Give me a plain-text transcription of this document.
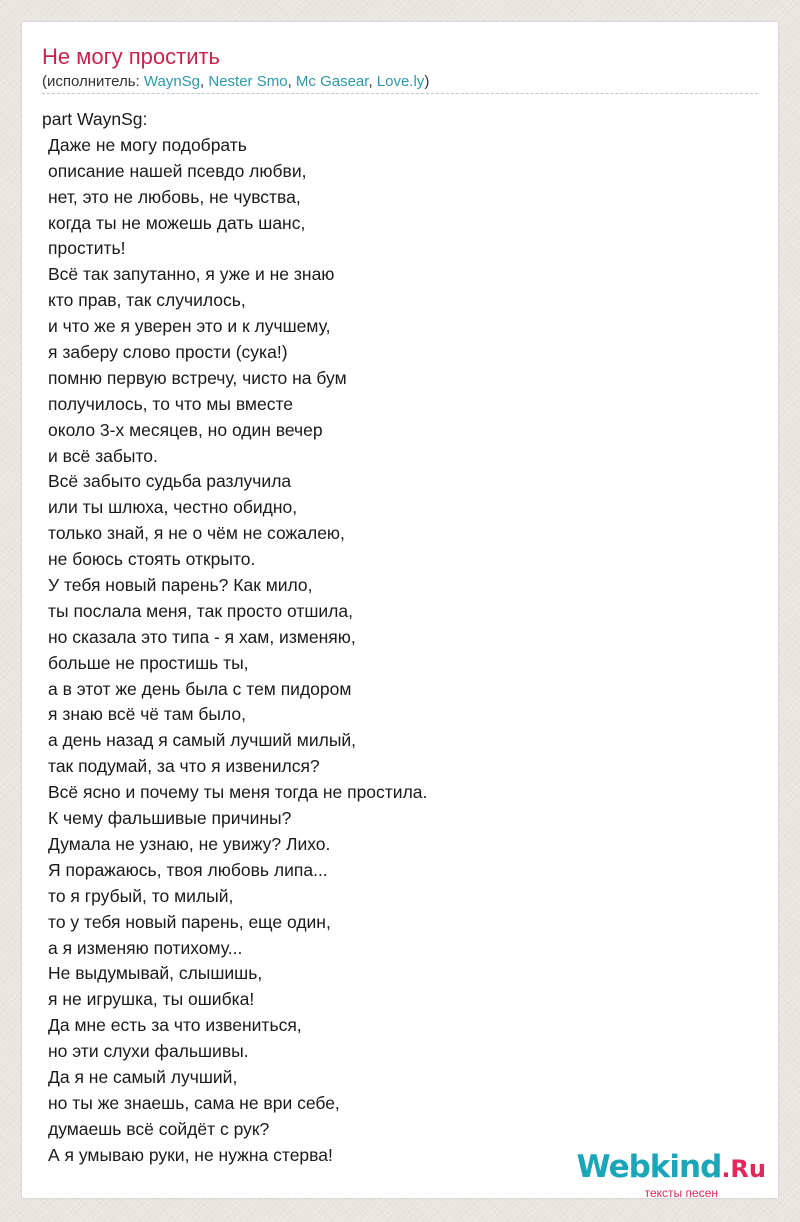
Не могу простить
(исполнитель: WaynSg, Nester Smo, Mc Gasear, Love.ly)
part WaynSg:
Даже не могу подобрать
описание нашей псевдо любви,
нет, это не любовь, не чувства,
когда ты не можешь дать шанс,
простить!
Всё так запутанно, я уже и не знаю
кто прав, так случилось,
и что же я уверен это и к лучшему,
я заберу слово прости (сука!)
помню первую встречу, чисто на бум
получилось, то что мы вместе
около 3-х месяцев, но один вечер
и всё забыто.
Всё забыто судьба разлучила
или ты шлюха, честно обидно,
только знай, я не о чём не сожалею,
не боюсь стоять открыто.
У тебя новый парень? Как мило,
ты послала меня, так просто отшила,
но сказала это типа - я хам, изменяю,
больше не простишь ты,
а в этот же день была с тем пидором
я знаю всё чё там было,
а день назад я самый лучший милый,
так подумай, за что я извенился?
Всё ясно и почему ты меня тогда не простила.
К чему фальшивые причины?
Думала не узнаю, не увижу? Лихо.
Я поражаюсь, твоя любовь липа...
то я грубый, то милый,
то у тебя новый парень, еще один,
а я изменяю потихому...
Не выдумывай, слышишь,
я не игрушка, ты ошибка!
Да мне есть за что извениться,
но эти слухи фальшивы.
Да я не самый лучший,
но ты же знаешь, сама не ври себе,
думаешь всё сойдёт с рук?
А я умываю руки, не нужна стерва!	Webkind.Ru
тексты песен
